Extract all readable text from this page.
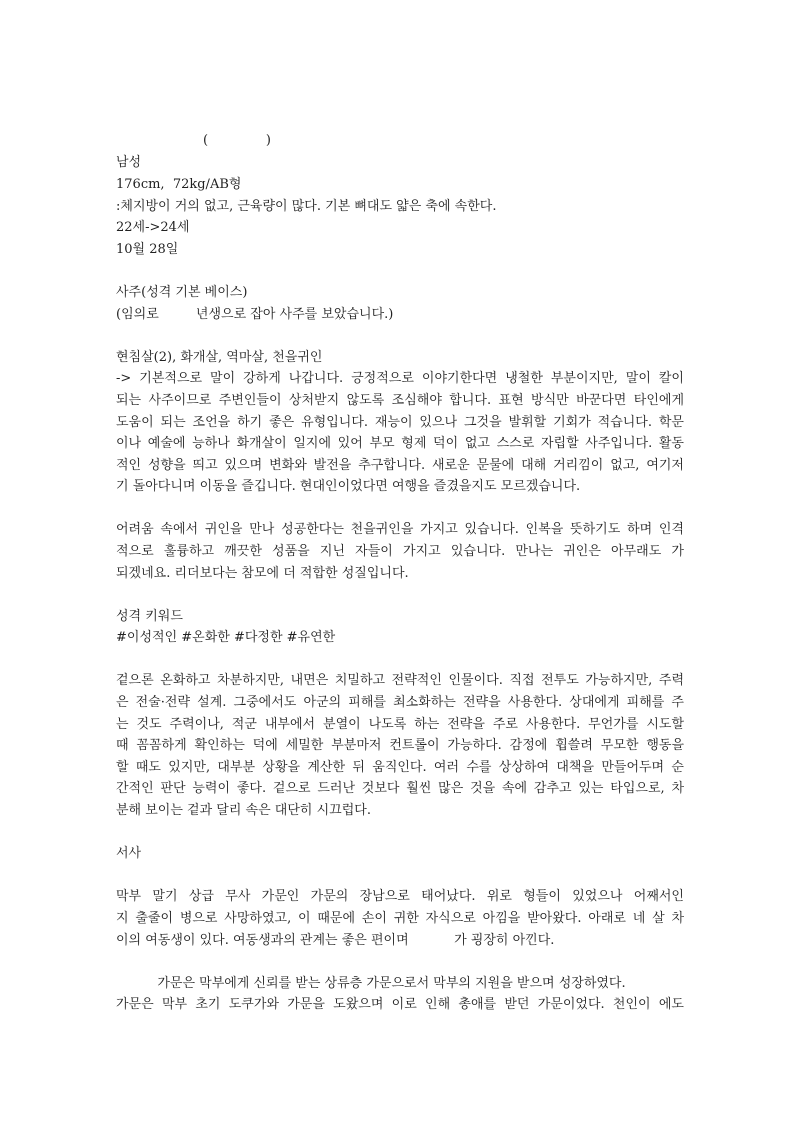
(              )
남성
176cm,  72kg/AB형
:체지방이 거의 없고, 근육량이 많다. 기본 뼈대도 얇은 축에 속한다.
22세->24세
10월 28일
사주(성격 기본 베이스)
(임의로         년생으로 잡아 사주를 보았습니다.)
현침살(2), 화개살, 역마살, 천을귀인
-> 기본적으로 말이 강하게 나갑니다. 긍정적으로 이야기한다면 냉철한 부분이지만, 말이 칼이
되는 사주이므로 주변인들이 상처받지 않도록 조심해야 합니다. 표현 방식만 바꾼다면 타인에게
도움이 되는 조언을 하기 좋은 유형입니다. 재능이 있으나 그것을 발휘할 기회가 적습니다. 학문
이나 예술에 능하나 화개살이 일지에 있어 부모 형제 덕이 없고 스스로 자립할 사주입니다. 활동
적인 성향을 띄고 있으며 변화와 발전을 추구합니다. 새로운 문물에 대해 거리낌이 없고, 여기저
기 돌아다니며 이동을 즐깁니다. 현대인이었다면 여행을 즐겼을지도 모르겠습니다.
어려움 속에서 귀인을 만나 성공한다는 천을귀인을 가지고 있습니다. 인복을 뜻하기도 하며 인격
적으로 훌륭하고 깨끗한 성품을 지닌 자들이 가지고 있습니다. 만나는 귀인은 아무래도 가
되겠네요. 리더보다는 참모에 더 적합한 성질입니다.
성격 키워드
#이성적인 #온화한 #다정한 #유연한
겉으론 온화하고 차분하지만, 내면은 치밀하고 전략적인 인물이다. 직접 전투도 가능하지만, 주력
은 전술·전략 설계. 그중에서도 아군의 피해를 최소화하는 전략을 사용한다. 상대에게 피해를 주
는 것도 주력이나, 적군 내부에서 분열이 나도록 하는 전략을 주로 사용한다. 무언가를 시도할
때 꼼꼼하게 확인하는 덕에 세밀한 부분마저 컨트롤이 가능하다. 감정에 휩쓸려 무모한 행동을
할 때도 있지만, 대부분 상황을 계산한 뒤 움직인다. 여러 수를 상상하여 대책을 만들어두며 순
간적인 판단 능력이 좋다. 겉으로 드러난 것보다 훨씬 많은 것을 속에 감추고 있는 타입으로, 차
분해 보이는 겉과 달리 속은 대단히 시끄럽다.
서사
막부 말기 상급 무사 가문인 가문의 장남으로 태어났다. 위로 형들이 있었으나 어째서인
지 출줄이 병으로 사망하였고, 이 때문에 손이 귀한 자식으로 아낌을 받아왔다. 아래로 네 살 차
이의 여동생이 있다. 여동생과의 관계는 좋은 편이며           가 굉장히 아낀다.
가문은 막부에게 신뢰를 받는 상류층 가문으로서 막부의 지원을 받으며 성장하였다.
가문은 막부 초기 도쿠가와 가문을 도왔으며 이로 인해 총애를 받던 가문이었다. 천인이 에도
